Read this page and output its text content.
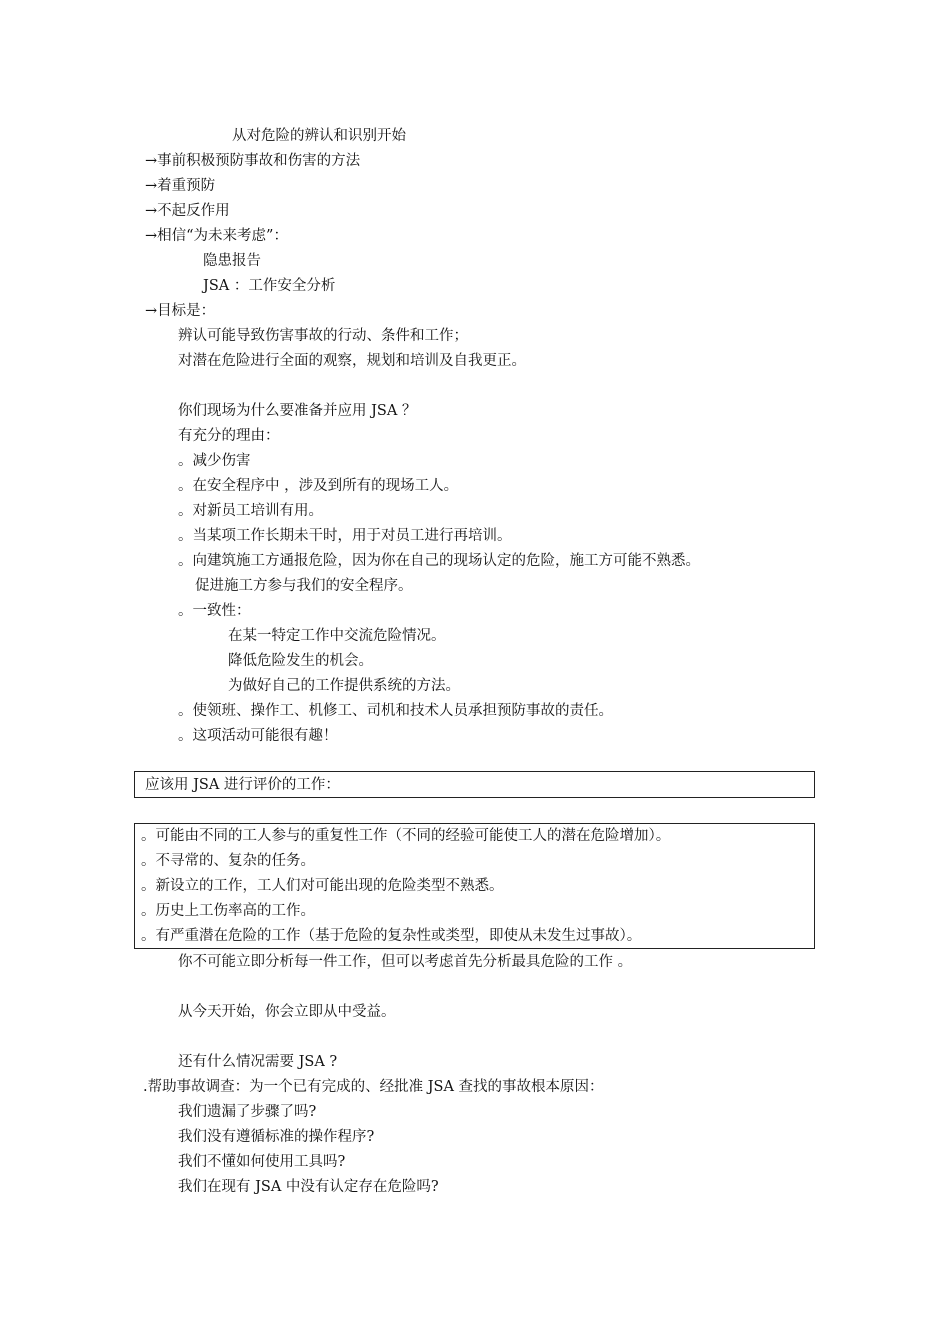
从对危险的辨认和识别开始
→事前积极预防事故和伤害的方法
→着重预防
→不起反作用
→相信“为未来考虑”：
隐患报告
JSA ：工作安全分析
→目标是：
辨认可能导致伤害事故的行动、条件和工作；
对潜在危险进行全面的观察，规划和培训及自我更正。
你们现场为什么要准备并应用 JSA ？
有充分的理由：
。减少伤害
。在安全程序中 ，涉及到所有的现场工人。
。对新员工培训有用。
。当某项工作长期未干时，用于对员工进行再培训。
。向建筑施工方通报危险，因为你在自己的现场认定的危险，施工方可能不熟悉。
促进施工方参与我们的安全程序。
。一致性：
在某一特定工作中交流危险情况。
降低危险发生的机会。
为做好自己的工作提供系统的方法。
。使领班、操作工、机修工、司机和技术人员承担预防事故的责任。
。这项活动可能很有趣！
应该用 JSA 进行评价的工作：
。可能由不同的工人参与的重复性工作（不同的经验可能使工人的潜在危险增加）。
。不寻常的、复杂的任务。
。新设立的工作，工人们对可能出现的危险类型不熟悉。
。历史上工伤率高的工作。
。有严重潜在危险的工作（基于危险的复杂性或类型，即使从未发生过事故）。
你不可能立即分析每一件工作，但可以考虑首先分析最具危险的工作 。
从今天开始，你会立即从中受益。
还有什么情况需要 JSA ?
.帮助事故调查：为一个已有完成的、经批准 JSA 查找的事故根本原因：
我们遗漏了步骤了吗?
我们没有遵循标准的操作程序?
我们不懂如何使用工具吗?
我们在现有 JSA 中没有认定存在危险吗?
